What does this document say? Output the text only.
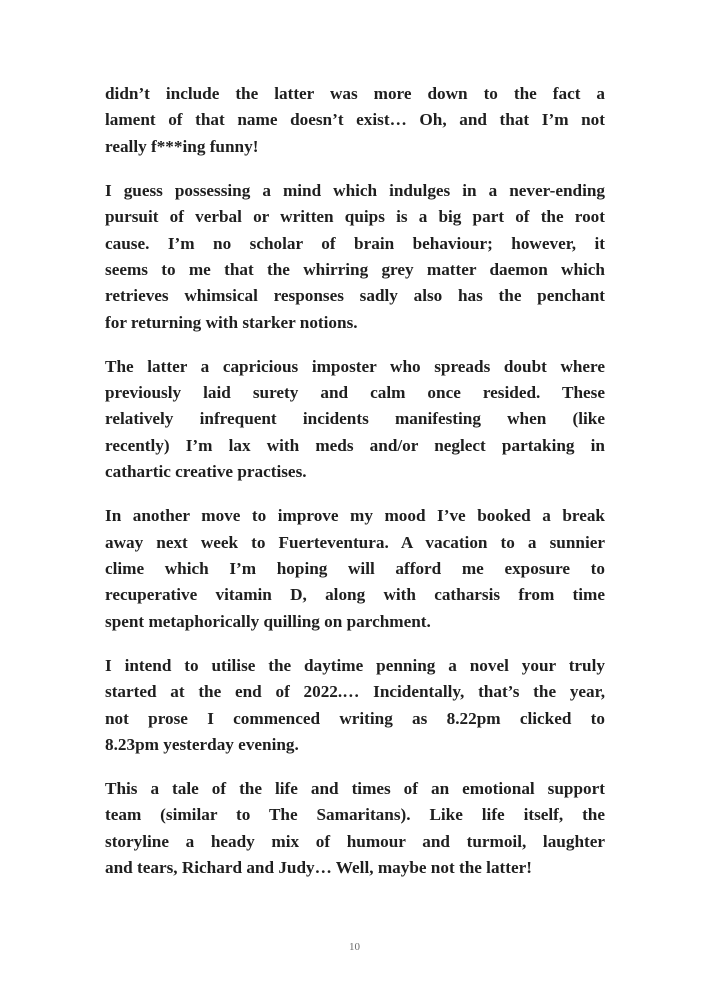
didn’t include the latter was more down to the fact a
lament of that name doesn’t exist… Oh, and that I’m not
really f***ing funny!

I guess possessing a mind which indulges in a never-ending
pursuit of verbal or written quips is a big part of the root
cause. I’m no scholar of brain behaviour; however, it
seems to me that the whirring grey matter daemon which
retrieves whimsical responses sadly also has the penchant
for returning with starker notions.

The latter a capricious imposter who spreads doubt where
previously laid surety and calm once resided. These
relatively infrequent incidents manifesting when (like
recently) I’m lax with meds and/or neglect partaking in
cathartic creative practises.

In another move to improve my mood I’ve booked a break
away next week to Fuerteventura. A vacation to a sunnier
clime which I’m hoping will afford me exposure to
recuperative vitamin D, along with catharsis from time
spent metaphorically quilling on parchment.

I intend to utilise the daytime penning a novel your truly
started at the end of 2022.… Incidentally, that’s the year,
not prose I commenced writing as 8.22pm clicked to
8.23pm yesterday evening.

This a tale of the life and times of an emotional support
team (similar to The Samaritans). Like life itself, the
storyline a heady mix of humour and turmoil, laughter
and tears, Richard and Judy… Well, maybe not the latter!

10
